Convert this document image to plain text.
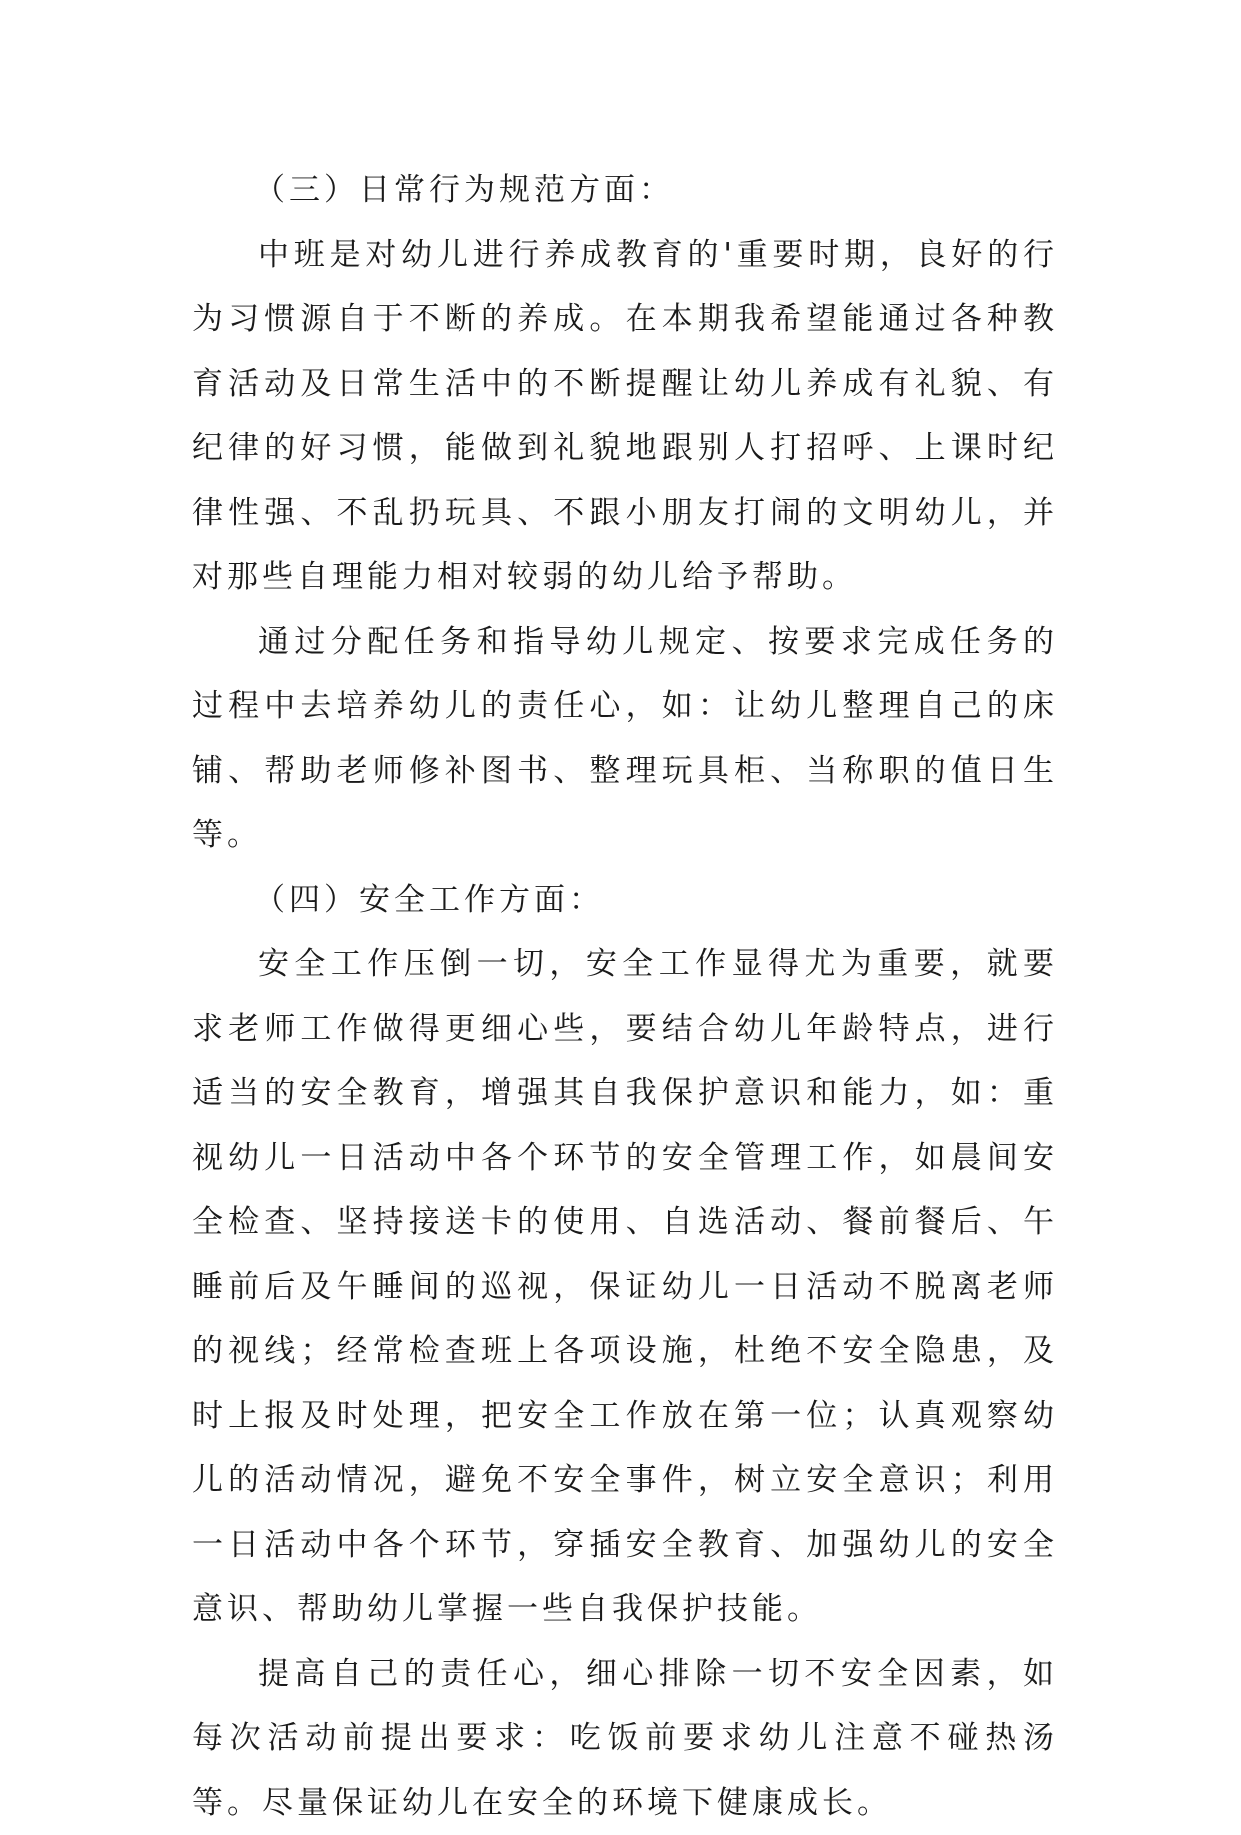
（三）日常行为规范方面：

中班是对幼儿进行养成教育的'重要时期，良好的行为习惯源自于不断的养成。在本期我希望能通过各种教育活动及日常生活中的不断提醒让幼儿养成有礼貌、有纪律的好习惯，能做到礼貌地跟别人打招呼、上课时纪律性强、不乱扔玩具、不跟小朋友打闹的文明幼儿，并对那些自理能力相对较弱的幼儿给予帮助。

通过分配任务和指导幼儿规定、按要求完成任务的过程中去培养幼儿的责任心，如：让幼儿整理自己的床铺、帮助老师修补图书、整理玩具柜、当称职的值日生等。

（四）安全工作方面：

安全工作压倒一切，安全工作显得尤为重要，就要求老师工作做得更细心些，要结合幼儿年龄特点，进行适当的安全教育，增强其自我保护意识和能力，如：重视幼儿一日活动中各个环节的安全管理工作，如晨间安全检查、坚持接送卡的使用、自选活动、餐前餐后、午睡前后及午睡间的巡视，保证幼儿一日活动不脱离老师的视线；经常检查班上各项设施，杜绝不安全隐患，及时上报及时处理，把安全工作放在第一位；认真观察幼儿的活动情况，避免不安全事件，树立安全意识；利用一日活动中各个环节，穿插安全教育、加强幼儿的安全意识、帮助幼儿掌握一些自我保护技能。

提高自己的责任心，细心排除一切不安全因素，如每次活动前提出要求：吃饭前要求幼儿注意不碰热汤等。尽量保证幼儿在安全的环境下健康成长。
